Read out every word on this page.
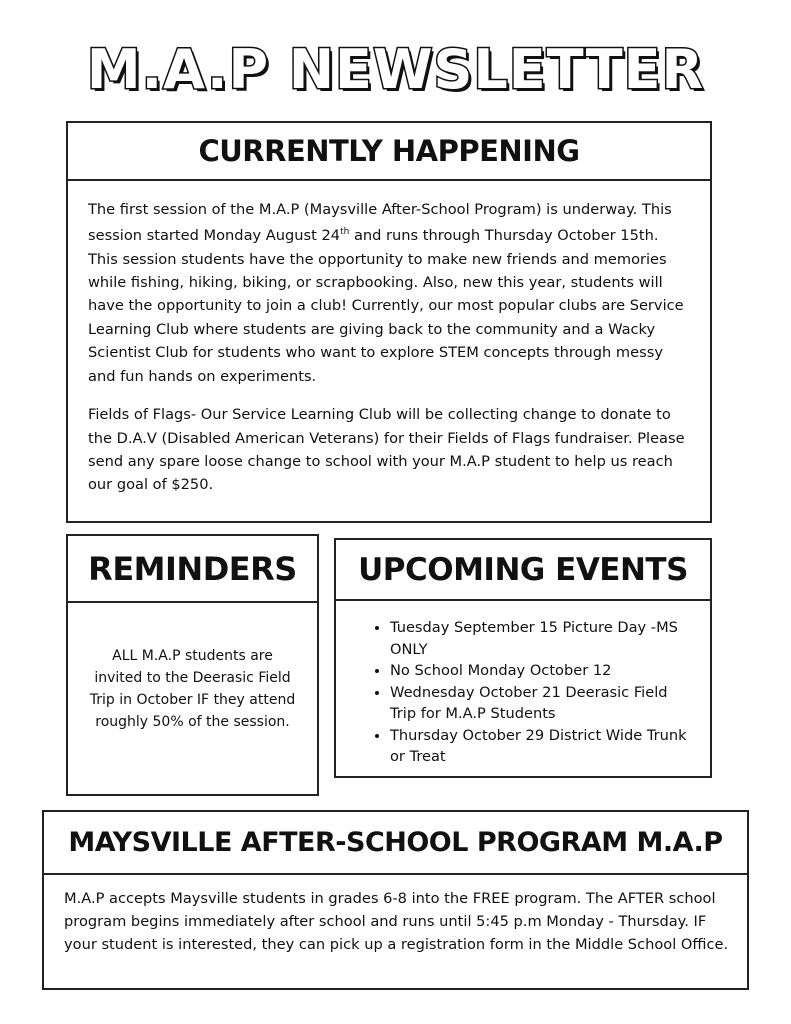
M.A.P NEWSLETTER
CURRENTLY HAPPENING

The first session of the M.A.P (Maysville After-School Program) is underway. This session started Monday August 24th and runs through Thursday October 15th. This session students have the opportunity to make new friends and memories while fishing, hiking, biking, or scrapbooking. Also, new this year, students will have the opportunity to join a club! Currently, our most popular clubs are Service Learning Club where students are giving back to the community and a Wacky Scientist Club for students who want to explore STEM concepts through messy and fun hands on experiments.

Fields of Flags- Our Service Learning Club will be collecting change to donate to the D.A.V (Disabled American Veterans) for their Fields of Flags fundraiser. Please send any spare loose change to school with your M.A.P student to help us reach our goal of $250.

REMINDERS
ALL M.A.P students are invited to the Deerasic Field Trip in October IF they attend roughly 50% of the session.
UPCOMING EVENTS
• Tuesday September 15 Picture Day -MS ONLY
• No School Monday October 12
• Wednesday October 21 Deerasic Field Trip for M.A.P Students
• Thursday October 29 District Wide Trunk or Treat
MAYSVILLE AFTER-SCHOOL PROGRAM M.A.P
M.A.P accepts Maysville students in grades 6-8 into the FREE program. The AFTER school program begins immediately after school and runs until 5:45 p.m Monday - Thursday. IF your student is interested, they can pick up a registration form in the Middle School Office.
